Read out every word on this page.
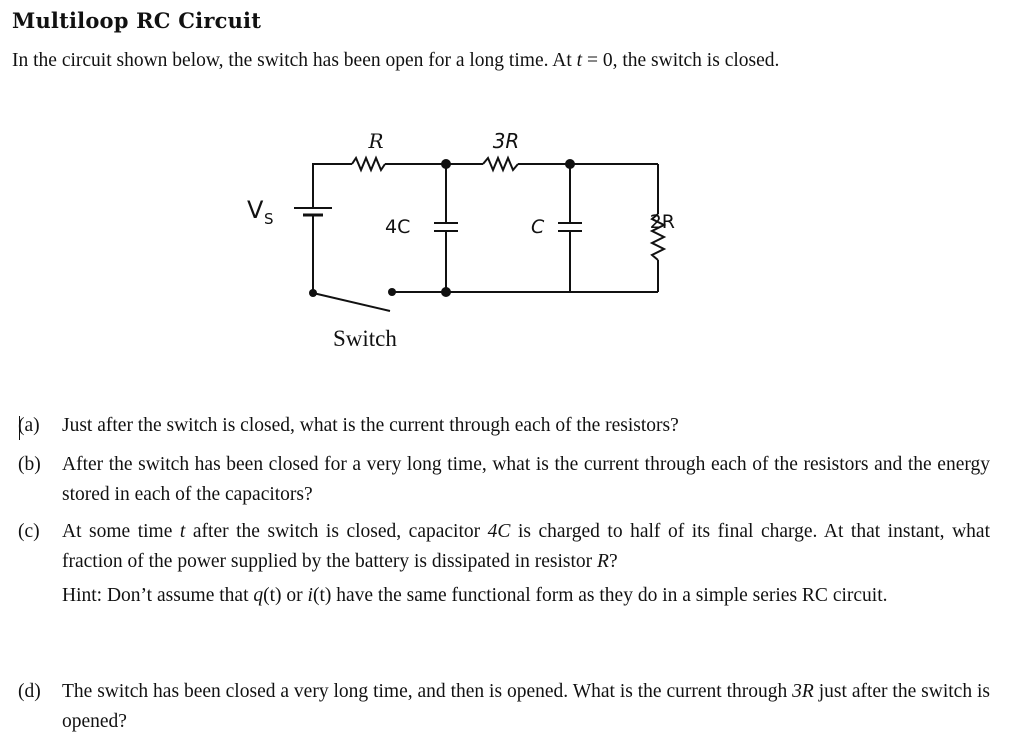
Multiloop RC Circuit
In the circuit shown below, the switch has been open for a long time. At t = 0, the switch is closed.
R	3R
V S	4C	C	2R
Switch
(a)	Just after the switch is closed, what is the current through each of the resistors?
(b)	After the switch has been closed for a very long time, what is the current through each of the resistors and the energy stored in each of the capacitors?
(c)	At some time t after the switch is closed, capacitor 4C is charged to half of its final charge. At that instant, what fraction of the power supplied by the battery is dissipated in resistor R?
Hint: Don’t assume that q(t) or i(t) have the same functional form as they do in a simple series RC circuit.
(d)	The switch has been closed a very long time, and then is opened. What is the current through 3R just after the switch is opened?
